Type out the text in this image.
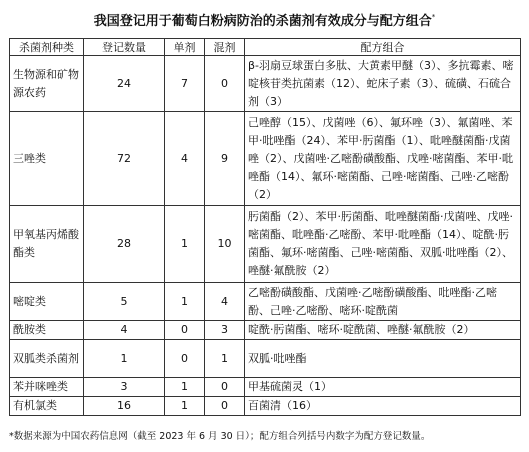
我国登记用于葡萄白粉病防治的杀菌剂有效成分与配方组合*
杀菌剂种类	登记数量	单剂	混剂	配方组合
生物源和矿物源农药	24	7	0	β-羽扇豆球蛋白多肽、大黄素甲醚（3）、多抗霉素、嘧啶核苷类抗菌素（12）、蛇床子素（3）、硫磺、石硫合剂（3）
三唑类	72	4	9	己唑醇（15）、戊菌唑（6）、氟环唑（3）、氟菌唑、苯甲·吡唑酯（24）、苯甲·肟菌酯（1）、吡唑醚菌酯·戊菌唑（2）、戊菌唑·乙嘧酚磺酸酯、戊唑·嘧菌酯、苯甲·吡唑酯（14）、氟环·嘧菌酯、己唑·嘧菌酯、己唑·乙嘧酚（2）
甲氧基丙烯酸酯类	28	1	10	肟菌酯（2）、苯甲·肟菌酯、吡唑醚菌酯·戊菌唑、戊唑·嘧菌酯、吡唑酯·乙嘧酚、苯甲·吡唑酯（14）、啶酰·肟菌酯、氟环·嘧菌酯、己唑·嘧菌酯、双胍·吡唑酯（2）、唑醚·氟酰胺（2）
嘧啶类	5	1	4	乙嘧酚磺酸酯、戊菌唑·乙嘧酚磺酸酯、吡唑酯·乙嘧酚、己唑·乙嘧酚、嘧环·啶酰菌
酰胺类	4	0	3	啶酰·肟菌酯、嘧环·啶酰菌、唑醚·氟酰胺（2）
双胍类杀菌剂	1	0	1	双胍·吡唑酯
苯并咪唑类	3	1	0	甲基硫菌灵（1）
有机氯类	16	1	0	百菌清（16）
*数据来源为中国农药信息网（截至 2023 年 6 月 30 日）；配方组合列括号内数字为配方登记数量。
